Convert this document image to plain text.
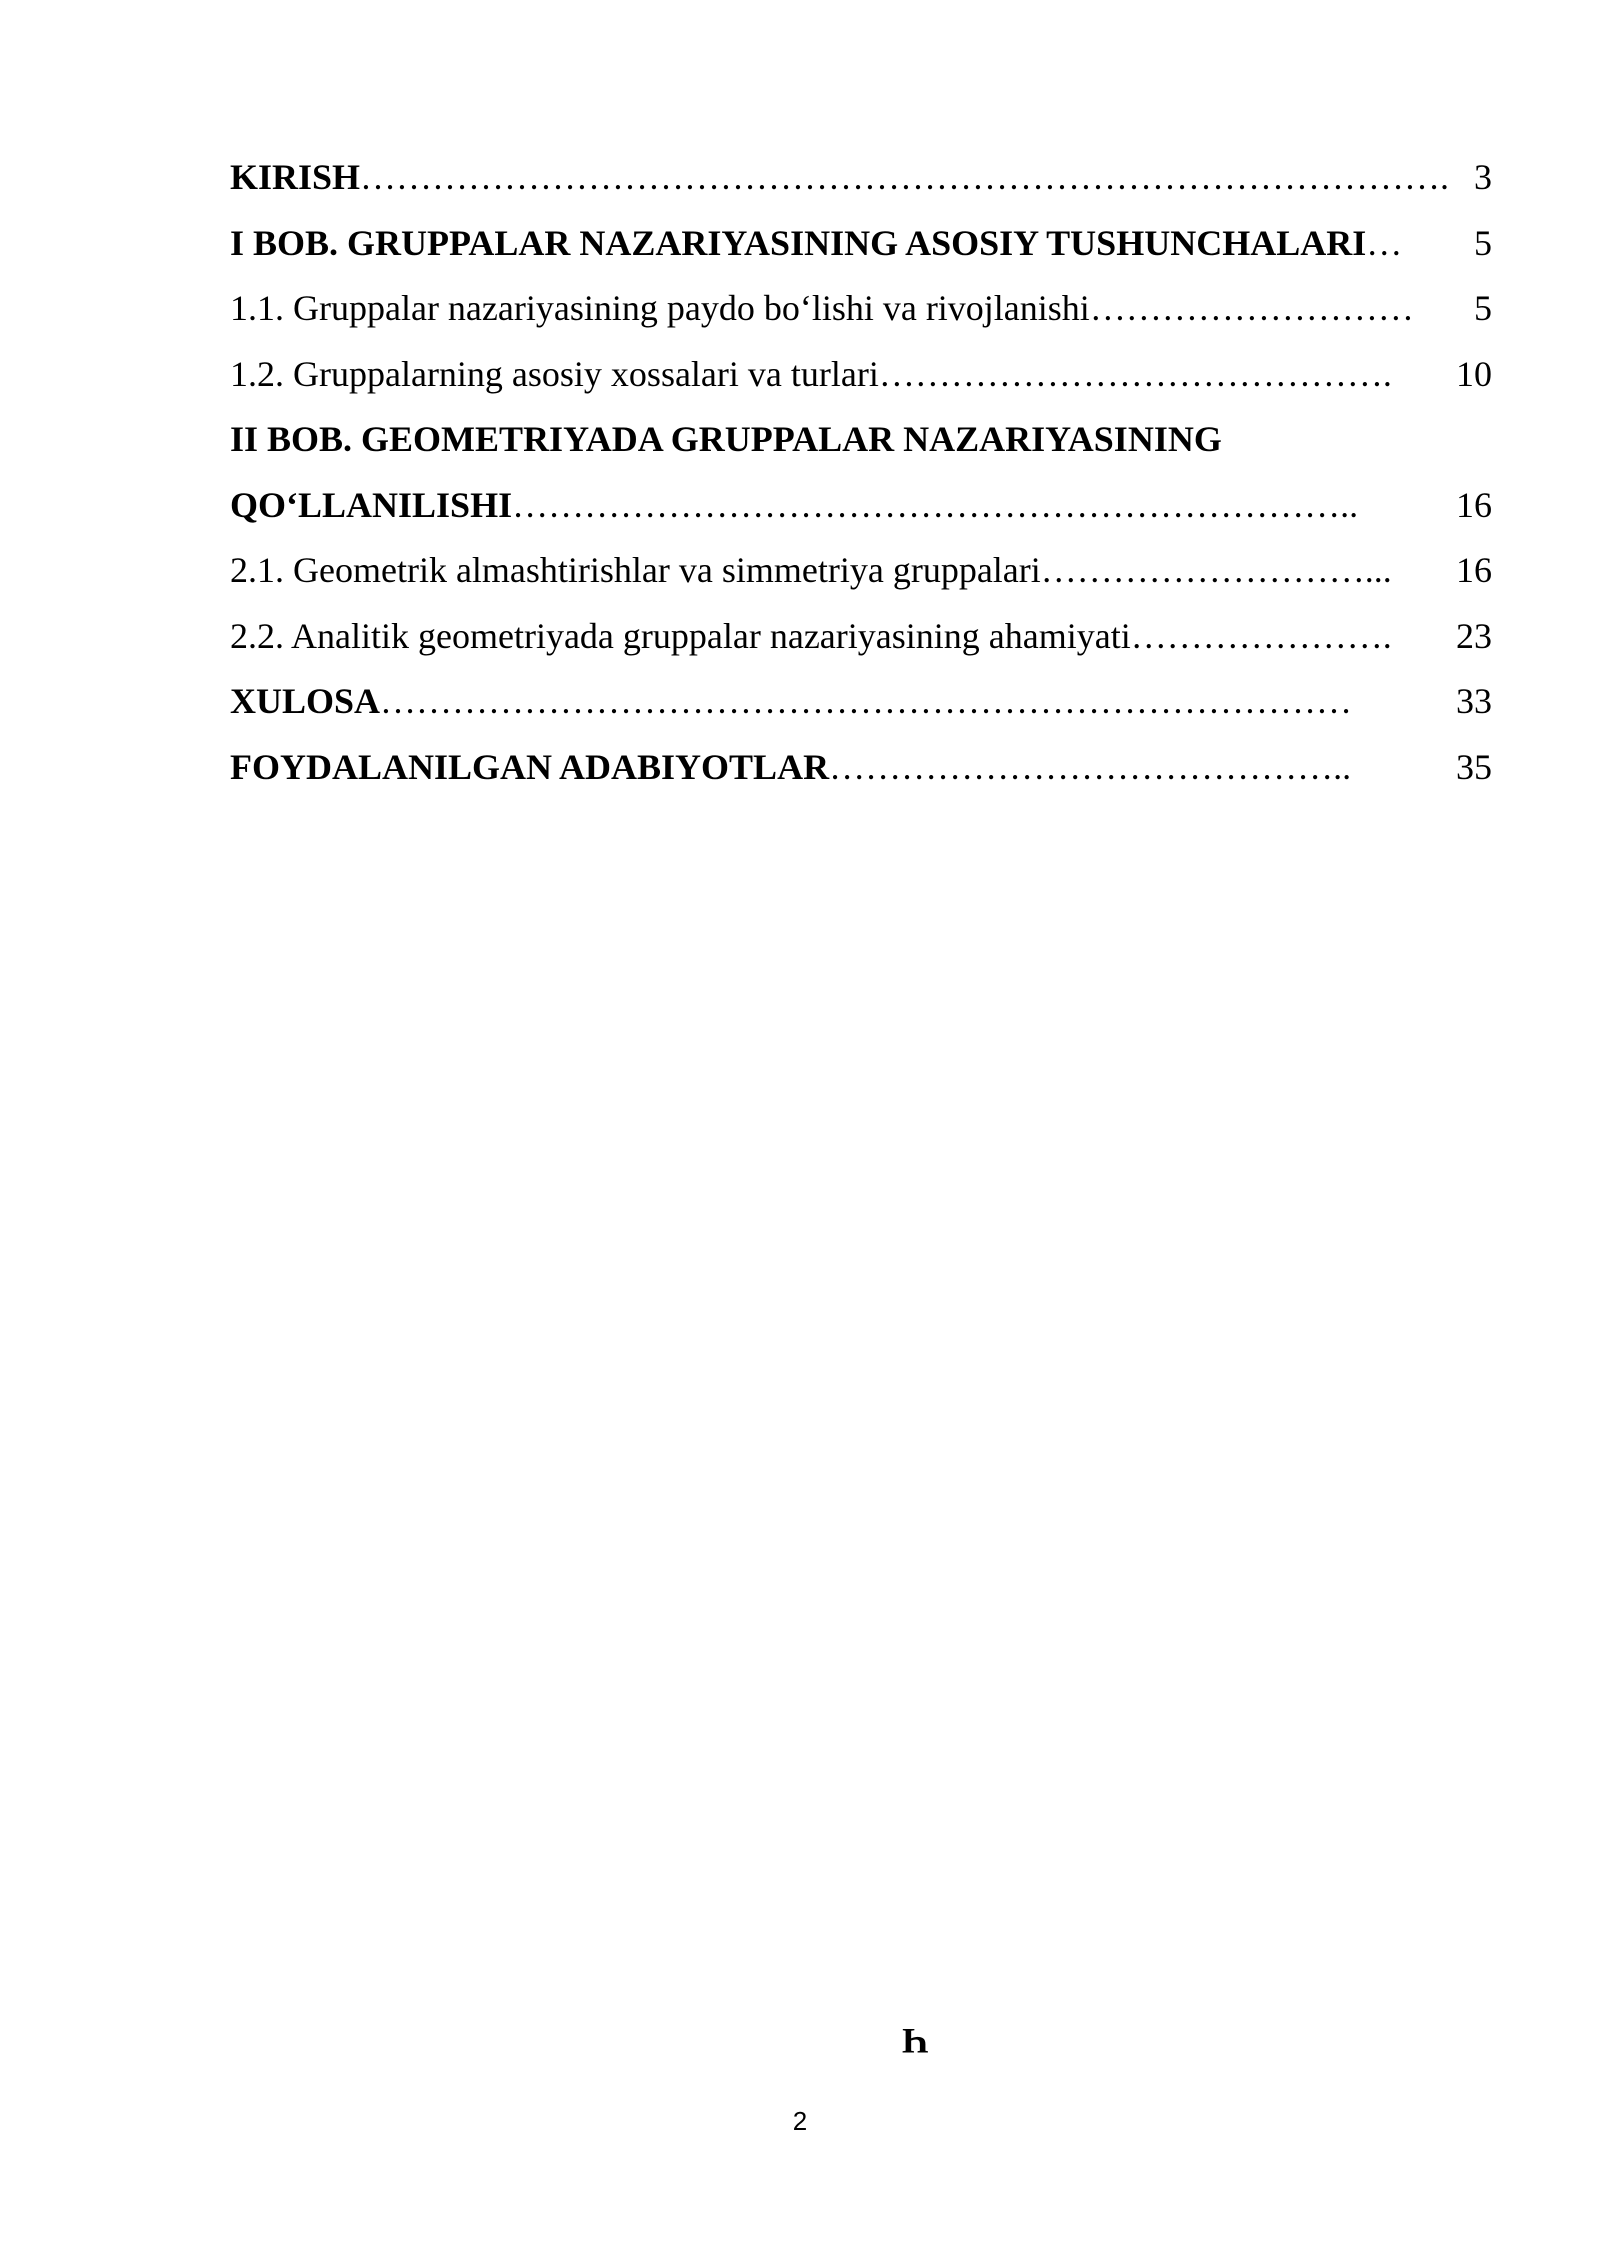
KIRISH ………………………………………………………………………………. 3
I BOB. GRUPPALAR NAZARIYASINING ASOSIY TUSHUNCHALARI …	5
1.1. Gruppalar nazariyasining paydo bo‘lishi va rivojlanishi ………………………	5
1.2. Gruppalarning asosiy xossalari va turlari …………………………………….	10
II BOB. GEOMETRIYADA GRUPPALAR NAZARIYASINING
QO‘LLANILISHI ……………………………………………………………..	16
2.1. Geometrik almashtirishlar va simmetriya gruppalari ………………………...	16
2.2. Analitik geometriyada gruppalar nazariyasining ahamiyati ………………….	23
XULOSA ………………………………………………………………………	33
FOYDALANILGAN ADABIYOTLAR ……………………………………..	35
Ч
2
